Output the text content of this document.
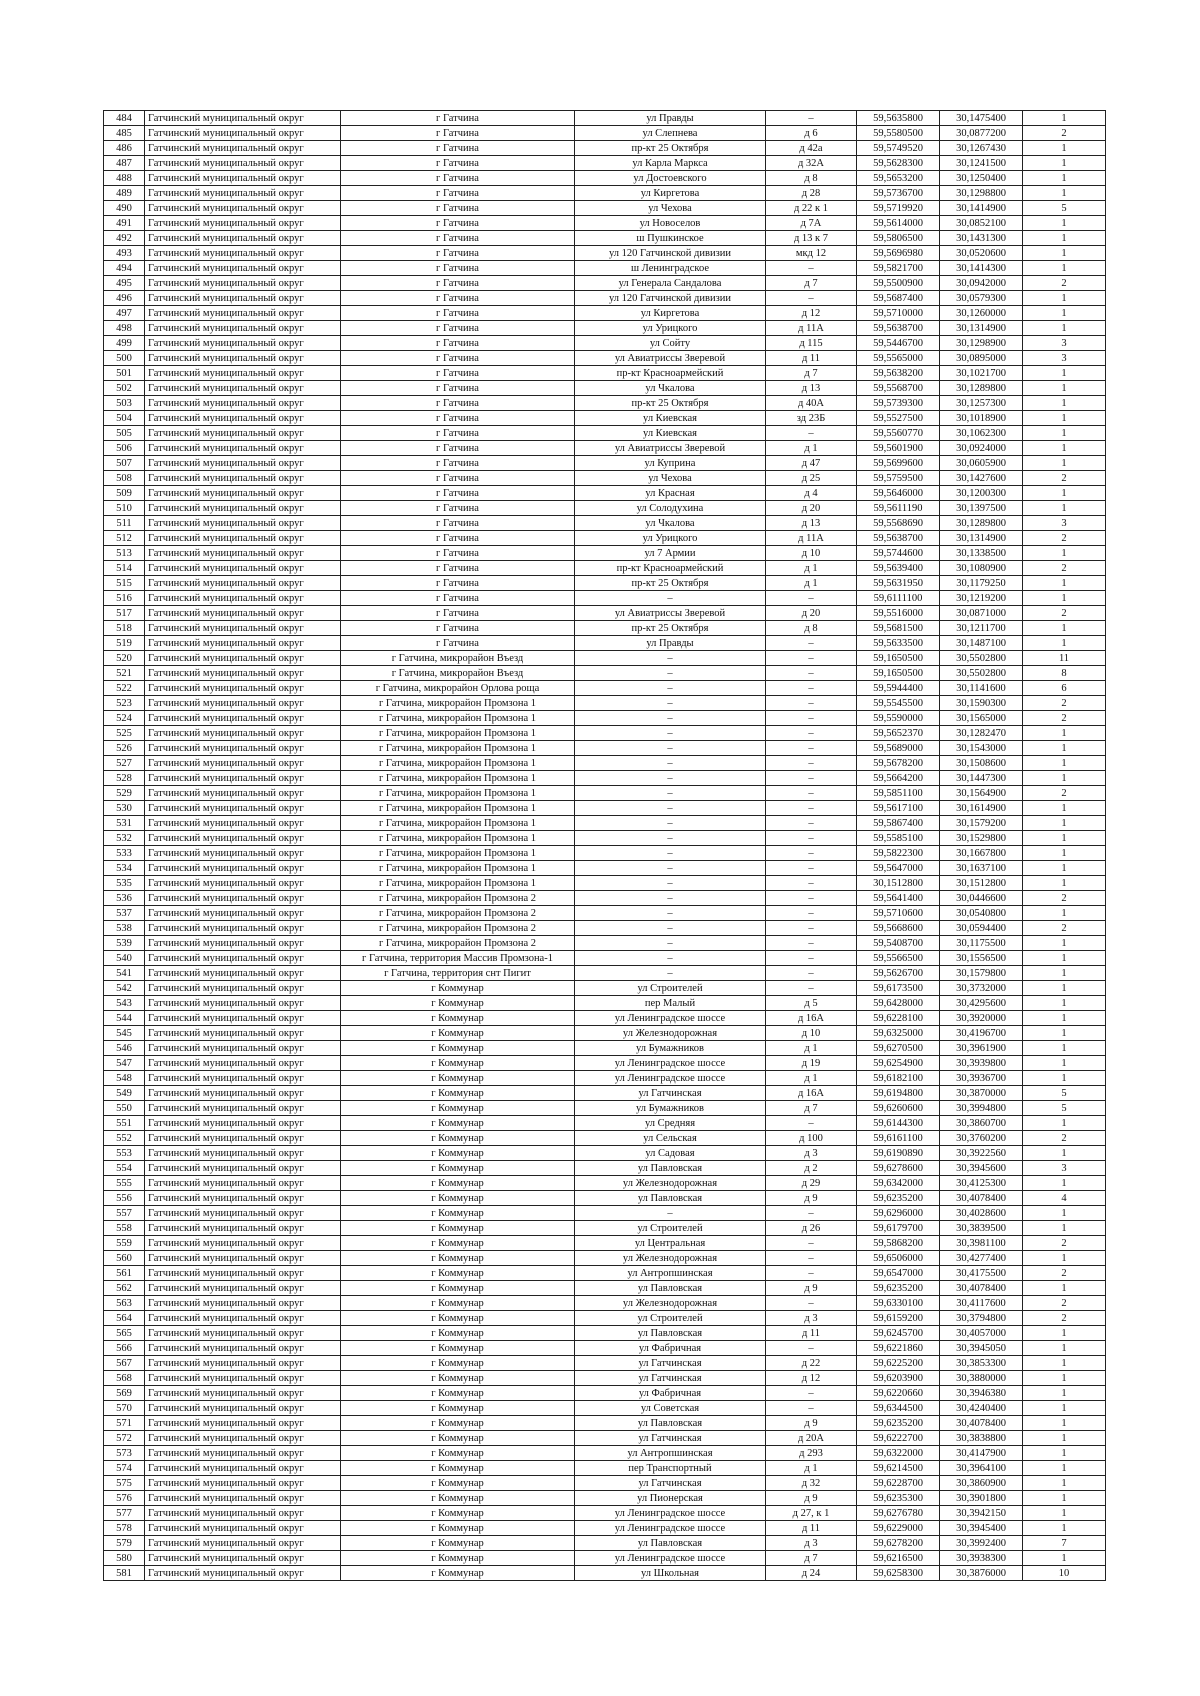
484	Гатчинский муниципальный округ	г Гатчина	ул Правды	–	59,5635800	30,1475400	1
485	Гатчинский муниципальный округ	г Гатчина	ул Слепнева	д 6	59,5580500	30,0877200	2
486	Гатчинский муниципальный округ	г Гатчина	пр-кт 25 Октября	д 42а	59,5749520	30,1267430	1
487	Гатчинский муниципальный округ	г Гатчина	ул Карла Маркса	д 32А	59,5628300	30,1241500	1
488	Гатчинский муниципальный округ	г Гатчина	ул Достоевского	д 8	59,5653200	30,1250400	1
489	Гатчинский муниципальный округ	г Гатчина	ул Киргетова	д 28	59,5736700	30,1298800	1
490	Гатчинский муниципальный округ	г Гатчина	ул Чехова	д 22 к 1	59,5719920	30,1414900	5
491	Гатчинский муниципальный округ	г Гатчина	ул Новоселов	д 7А	59,5614000	30,0852100	1
492	Гатчинский муниципальный округ	г Гатчина	ш Пушкинское	д 13 к 7	59,5806500	30,1431300	1
493	Гатчинский муниципальный округ	г Гатчина	ул 120 Гатчинской дивизии	мкд 12	59,5696980	30,0520600	1
494	Гатчинский муниципальный округ	г Гатчина	ш Ленинградское	–	59,5821700	30,1414300	1
495	Гатчинский муниципальный округ	г Гатчина	ул Генерала Сандалова	д 7	59,5500900	30,0942000	2
496	Гатчинский муниципальный округ	г Гатчина	ул 120 Гатчинской дивизии	–	59,5687400	30,0579300	1
497	Гатчинский муниципальный округ	г Гатчина	ул Киргетова	д 12	59,5710000	30,1260000	1
498	Гатчинский муниципальный округ	г Гатчина	ул Урицкого	д 11А	59,5638700	30,1314900	1
499	Гатчинский муниципальный округ	г Гатчина	ул Сойту	д 115	59,5446700	30,1298900	3
500	Гатчинский муниципальный округ	г Гатчина	ул Авиатриссы Зверевой	д 11	59,5565000	30,0895000	3
501	Гатчинский муниципальный округ	г Гатчина	пр-кт Красноармейский	д 7	59,5638200	30,1021700	1
502	Гатчинский муниципальный округ	г Гатчина	ул Чкалова	д 13	59,5568700	30,1289800	1
503	Гатчинский муниципальный округ	г Гатчина	пр-кт 25 Октября	д 40А	59,5739300	30,1257300	1
504	Гатчинский муниципальный округ	г Гатчина	ул Киевская	зд 23Б	59,5527500	30,1018900	1
505	Гатчинский муниципальный округ	г Гатчина	ул Киевская	–	59,5560770	30,1062300	1
506	Гатчинский муниципальный округ	г Гатчина	ул Авиатриссы Зверевой	д 1	59,5601900	30,0924000	1
507	Гатчинский муниципальный округ	г Гатчина	ул Куприна	д 47	59,5699600	30,0605900	1
508	Гатчинский муниципальный округ	г Гатчина	ул Чехова	д 25	59,5759500	30,1427600	2
509	Гатчинский муниципальный округ	г Гатчина	ул Красная	д 4	59,5646000	30,1200300	1
510	Гатчинский муниципальный округ	г Гатчина	ул Солодухина	д 20	59,5611190	30,1397500	1
511	Гатчинский муниципальный округ	г Гатчина	ул Чкалова	д 13	59,5568690	30,1289800	3
512	Гатчинский муниципальный округ	г Гатчина	ул Урицкого	д 11А	59,5638700	30,1314900	2
513	Гатчинский муниципальный округ	г Гатчина	ул 7 Армии	д 10	59,5744600	30,1338500	1
514	Гатчинский муниципальный округ	г Гатчина	пр-кт Красноармейский	д 1	59,5639400	30,1080900	2
515	Гатчинский муниципальный округ	г Гатчина	пр-кт 25 Октября	д 1	59,5631950	30,1179250	1
516	Гатчинский муниципальный округ	г Гатчина	–	–	59,6111100	30,1219200	1
517	Гатчинский муниципальный округ	г Гатчина	ул Авиатриссы Зверевой	д 20	59,5516000	30,0871000	2
518	Гатчинский муниципальный округ	г Гатчина	пр-кт 25 Октября	д 8	59,5681500	30,1211700	1
519	Гатчинский муниципальный округ	г Гатчина	ул Правды	–	59,5633500	30,1487100	1
520	Гатчинский муниципальный округ	г Гатчина, микрорайон Въезд	–	–	59,1650500	30,5502800	11
521	Гатчинский муниципальный округ	г Гатчина, микрорайон Въезд	–	–	59,1650500	30,5502800	8
522	Гатчинский муниципальный округ	г Гатчина, микрорайон Орлова роща	–	–	59,5944400	30,1141600	6
523	Гатчинский муниципальный округ	г Гатчина, микрорайон Промзона 1	–	–	59,5545500	30,1590300	2
524	Гатчинский муниципальный округ	г Гатчина, микрорайон Промзона 1	–	–	59,5590000	30,1565000	2
525	Гатчинский муниципальный округ	г Гатчина, микрорайон Промзона 1	–	–	59,5652370	30,1282470	1
526	Гатчинский муниципальный округ	г Гатчина, микрорайон Промзона 1	–	–	59,5689000	30,1543000	1
527	Гатчинский муниципальный округ	г Гатчина, микрорайон Промзона 1	–	–	59,5678200	30,1508600	1
528	Гатчинский муниципальный округ	г Гатчина, микрорайон Промзона 1	–	–	59,5664200	30,1447300	1
529	Гатчинский муниципальный округ	г Гатчина, микрорайон Промзона 1	–	–	59,5851100	30,1564900	2
530	Гатчинский муниципальный округ	г Гатчина, микрорайон Промзона 1	–	–	59,5617100	30,1614900	1
531	Гатчинский муниципальный округ	г Гатчина, микрорайон Промзона 1	–	–	59,5867400	30,1579200	1
532	Гатчинский муниципальный округ	г Гатчина, микрорайон Промзона 1	–	–	59,5585100	30,1529800	1
533	Гатчинский муниципальный округ	г Гатчина, микрорайон Промзона 1	–	–	59,5822300	30,1667800	1
534	Гатчинский муниципальный округ	г Гатчина, микрорайон Промзона 1	–	–	59,5647000	30,1637100	1
535	Гатчинский муниципальный округ	г Гатчина, микрорайон Промзона 1	–	–	30,1512800	30,1512800	1
536	Гатчинский муниципальный округ	г Гатчина, микрорайон Промзона 2	–	–	59,5641400	30,0446600	2
537	Гатчинский муниципальный округ	г Гатчина, микрорайон Промзона 2	–	–	59,5710600	30,0540800	1
538	Гатчинский муниципальный округ	г Гатчина, микрорайон Промзона 2	–	–	59,5668600	30,0594400	2
539	Гатчинский муниципальный округ	г Гатчина, микрорайон Промзона 2	–	–	59,5408700	30,1175500	1
540	Гатчинский муниципальный округ	г Гатчина, территория Массив Промзона-1	–	–	59,5566500	30,1556500	1
541	Гатчинский муниципальный округ	г Гатчина, территория снт Пигит	–	–	59,5626700	30,1579800	1
542	Гатчинский муниципальный округ	г Коммунар	ул Строителей	–	59,6173500	30,3732000	1
543	Гатчинский муниципальный округ	г Коммунар	пер Малый	д 5	59,6428000	30,4295600	1
544	Гатчинский муниципальный округ	г Коммунар	ул Ленинградское шоссе	д 16А	59,6228100	30,3920000	1
545	Гатчинский муниципальный округ	г Коммунар	ул Железнодорожная	д 10	59,6325000	30,4196700	1
546	Гатчинский муниципальный округ	г Коммунар	ул Бумажников	д 1	59,6270500	30,3961900	1
547	Гатчинский муниципальный округ	г Коммунар	ул Ленинградское шоссе	д 19	59,6254900	30,3939800	1
548	Гатчинский муниципальный округ	г Коммунар	ул Ленинградское шоссе	д 1	59,6182100	30,3936700	1
549	Гатчинский муниципальный округ	г Коммунар	ул Гатчинская	д 16А	59,6194800	30,3870000	5
550	Гатчинский муниципальный округ	г Коммунар	ул Бумажников	д 7	59,6260600	30,3994800	5
551	Гатчинский муниципальный округ	г Коммунар	ул Средняя	–	59,6144300	30,3860700	1
552	Гатчинский муниципальный округ	г Коммунар	ул Сельская	д 100	59,6161100	30,3760200	2
553	Гатчинский муниципальный округ	г Коммунар	ул Садовая	д 3	59,6190890	30,3922560	1
554	Гатчинский муниципальный округ	г Коммунар	ул Павловская	д 2	59,6278600	30,3945600	3
555	Гатчинский муниципальный округ	г Коммунар	ул Железнодорожная	д 29	59,6342000	30,4125300	1
556	Гатчинский муниципальный округ	г Коммунар	ул Павловская	д 9	59,6235200	30,4078400	4
557	Гатчинский муниципальный округ	г Коммунар	–	–	59,6296000	30,4028600	1
558	Гатчинский муниципальный округ	г Коммунар	ул Строителей	д 26	59,6179700	30,3839500	1
559	Гатчинский муниципальный округ	г Коммунар	ул Центральная	–	59,5868200	30,3981100	2
560	Гатчинский муниципальный округ	г Коммунар	ул Железнодорожная	–	59,6506000	30,4277400	1
561	Гатчинский муниципальный округ	г Коммунар	ул Антропшинская	–	59,6547000	30,4175500	2
562	Гатчинский муниципальный округ	г Коммунар	ул Павловская	д 9	59,6235200	30,4078400	1
563	Гатчинский муниципальный округ	г Коммунар	ул Железнодорожная	–	59,6330100	30,4117600	2
564	Гатчинский муниципальный округ	г Коммунар	ул Строителей	д 3	59,6159200	30,3794800	2
565	Гатчинский муниципальный округ	г Коммунар	ул Павловская	д 11	59,6245700	30,4057000	1
566	Гатчинский муниципальный округ	г Коммунар	ул Фабричная	–	59,6221860	30,3945050	1
567	Гатчинский муниципальный округ	г Коммунар	ул Гатчинская	д 22	59,6225200	30,3853300	1
568	Гатчинский муниципальный округ	г Коммунар	ул Гатчинская	д 12	59,6203900	30,3880000	1
569	Гатчинский муниципальный округ	г Коммунар	ул Фабричная	–	59,6220660	30,3946380	1
570	Гатчинский муниципальный округ	г Коммунар	ул Советская	–	59,6344500	30,4240400	1
571	Гатчинский муниципальный округ	г Коммунар	ул Павловская	д 9	59,6235200	30,4078400	1
572	Гатчинский муниципальный округ	г Коммунар	ул Гатчинская	д 20А	59,6222700	30,3838800	1
573	Гатчинский муниципальный округ	г Коммунар	ул Антропшинская	д 293	59,6322000	30,4147900	1
574	Гатчинский муниципальный округ	г Коммунар	пер Транспортный	д 1	59,6214500	30,3964100	1
575	Гатчинский муниципальный округ	г Коммунар	ул Гатчинская	д 32	59,6228700	30,3860900	1
576	Гатчинский муниципальный округ	г Коммунар	ул Пионерская	д 9	59,6235300	30,3901800	1
577	Гатчинский муниципальный округ	г Коммунар	ул Ленинградское шоссе	д 27, к 1	59,6276780	30,3942150	1
578	Гатчинский муниципальный округ	г Коммунар	ул Ленинградское шоссе	д 11	59,6229000	30,3945400	1
579	Гатчинский муниципальный округ	г Коммунар	ул Павловская	д 3	59,6278200	30,3992400	7
580	Гатчинский муниципальный округ	г Коммунар	ул Ленинградское шоссе	д 7	59,6216500	30,3938300	1
581	Гатчинский муниципальный округ	г Коммунар	ул Школьная	д 24	59,6258300	30,3876000	10
